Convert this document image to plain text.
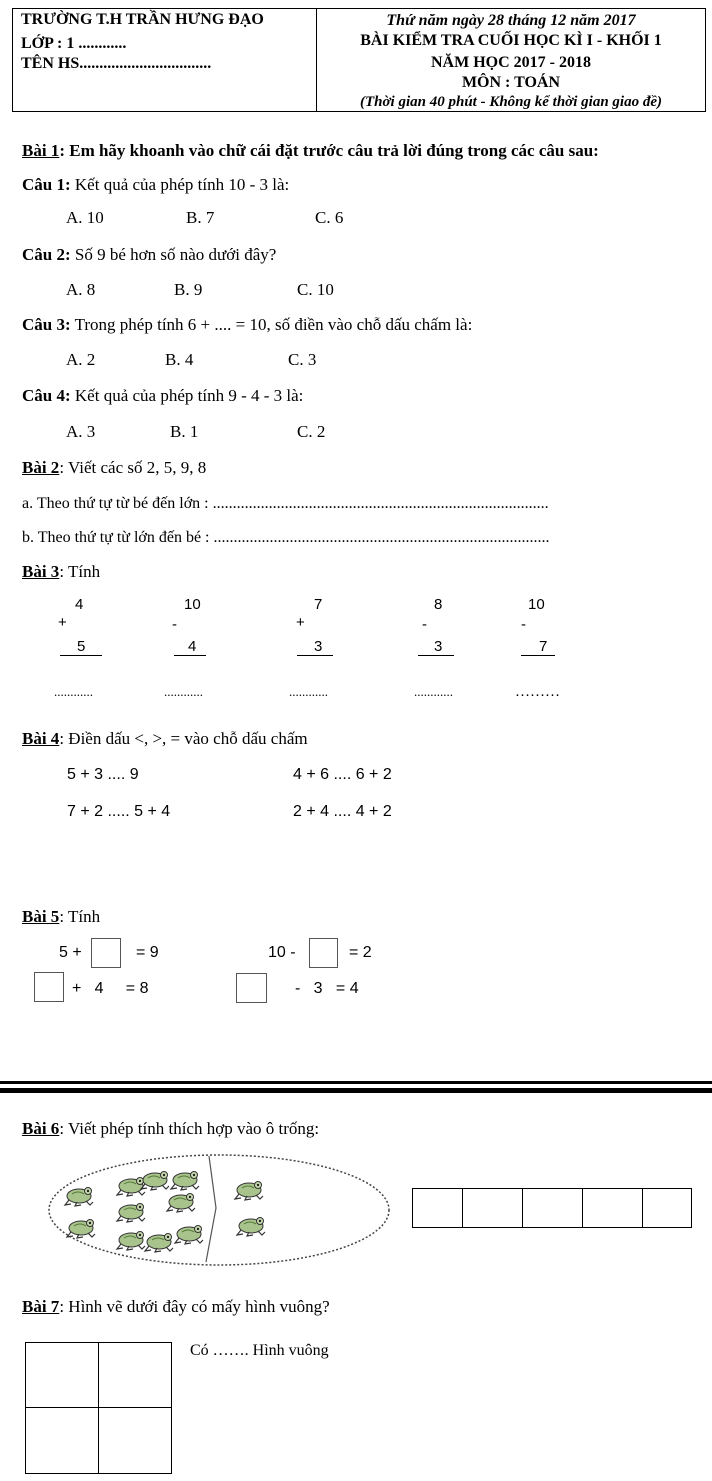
TRƯỜNG T.H TRẦN HƯNG ĐẠO
LỚP : 1 ............
TÊN HS.................................
Thứ năm ngày 28 tháng 12 năm 2017
BÀI KIỂM TRA CUỐI HỌC KÌ I - KHỐI 1
NĂM HỌC 2017 - 2018
MÔN : TOÁN
(Thời gian 40 phút - Không kể thời gian giao đề)
Bài 1: Em hãy khoanh vào chữ cái đặt trước câu trả lời đúng trong các câu sau:
Câu 1: Kết quả của phép tính 10 - 3 là:
A. 10	B. 7	C. 6
Câu 2: Số 9 bé hơn số nào dưới đây?
A. 8	B. 9	C. 10
Câu 3: Trong phép tính 6 + .... = 10, số điền vào chỗ dấu chấm là:
A. 2	B. 4	C. 3
Câu 4: Kết quả của phép tính 9 - 4 - 3 là:
A. 3	B. 1	C. 2
Bài 2: Viết các số 2, 5, 9, 8
a. Theo thứ tự từ bé đến lớn : ....................................................................................
b. Theo thứ tự từ lớn đến bé : ....................................................................................
Bài 3: Tính
4
+
5
............
10
-
4
............
7
+
3
............
8
-
3
............
10
-
7
………
Bài 4: Điền dấu <, >, = vào chỗ dấu chấm
5 + 3 .... 9	4 + 6 .... 6 + 2
7 + 2 ..... 5 + 4	2 + 4 .... 4 + 2
Bài 5: Tính
5 +	= 9	10 -	= 2
+   4     = 8	-   3   = 4
Bài 6: Viết phép tính thích hợp vào ô trống:
Bài 7: Hình vẽ dưới đây có mấy hình vuông?
Có ……. Hình vuông
